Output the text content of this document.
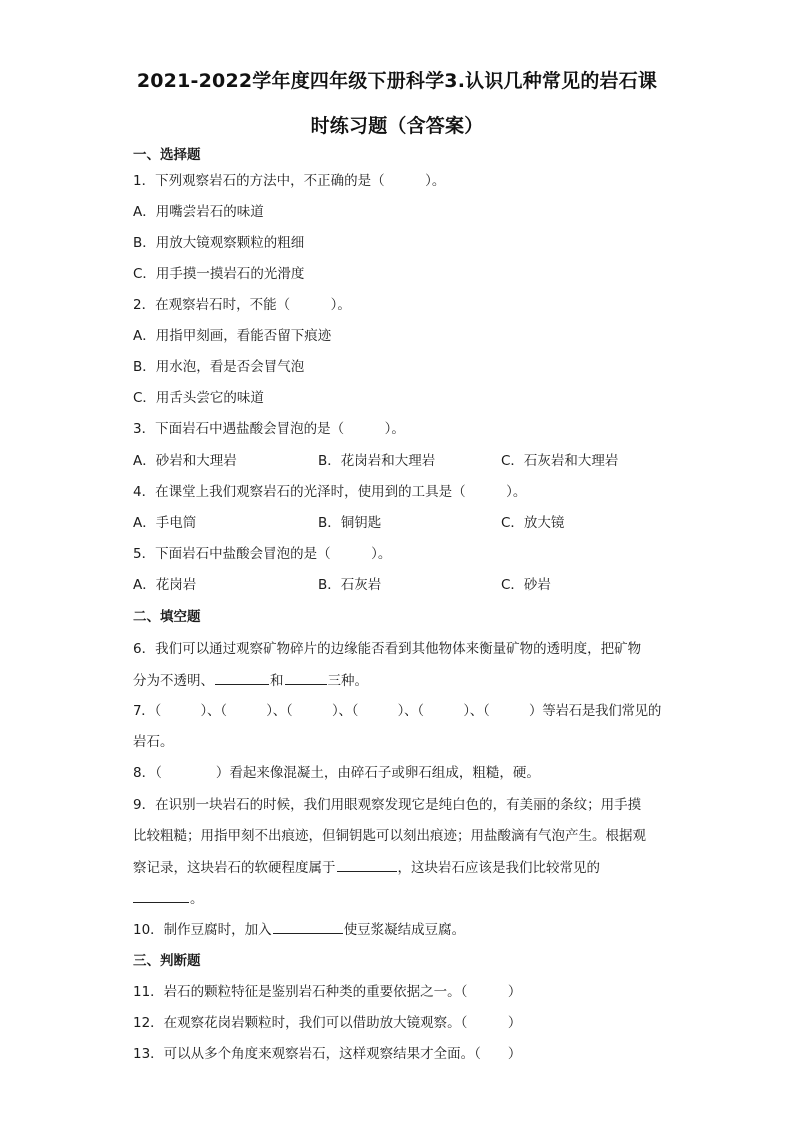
2021-2022学年度四年级下册科学3.认识几种常见的岩石课
时练习题（含答案）
一、选择题
1．下列观察岩石的方法中，不正确的是（　　　）。
A．用嘴尝岩石的味道
B．用放大镜观察颗粒的粗细
C．用手摸一摸岩石的光滑度
2．在观察岩石时，不能（　　　）。
A．用指甲刻画，看能否留下痕迹
B．用水泡，看是否会冒气泡
C．用舌头尝它的味道
3．下面岩石中遇盐酸会冒泡的是（　　　）。
A．砂岩和大理岩	B．花岗岩和大理岩	C．石灰岩和大理岩
4．在课堂上我们观察岩石的光泽时，使用到的工具是（　　　）。
A．手电筒	B．铜钥匙	C．放大镜
5．下面岩石中盐酸会冒泡的是（　　　）。
A．花岗岩	B．石灰岩	C．砂岩
二、填空题
6．我们可以通过观察矿物碎片的边缘能否看到其他物体来衡量矿物的透明度，把矿物
分为不透明、	和	三种。
7．（　　　）、（　　　）、（　　　）、（　　　）、（　　　）、（　　　）等岩石是我们常见的
岩石。
8．（　　　　）看起来像混凝土，由碎石子或卵石组成，粗糙，硬。
9．在识别一块岩石的时候，我们用眼观察发现它是纯白色的，有美丽的条纹；用手摸
比较粗糙；用指甲刻不出痕迹，但铜钥匙可以刻出痕迹；用盐酸滴有气泡产生。根据观
察记录，这块岩石的软硬程度属于	，这块岩石应该是我们比较常见的
。
10．制作豆腐时，加入	使豆浆凝结成豆腐。
三、判断题
11．岩石的颗粒特征是鉴别岩石种类的重要依据之一。（　　　）
12．在观察花岗岩颗粒时，我们可以借助放大镜观察。（　　　）
13．可以从多个角度来观察岩石，这样观察结果才全面。（　　）
